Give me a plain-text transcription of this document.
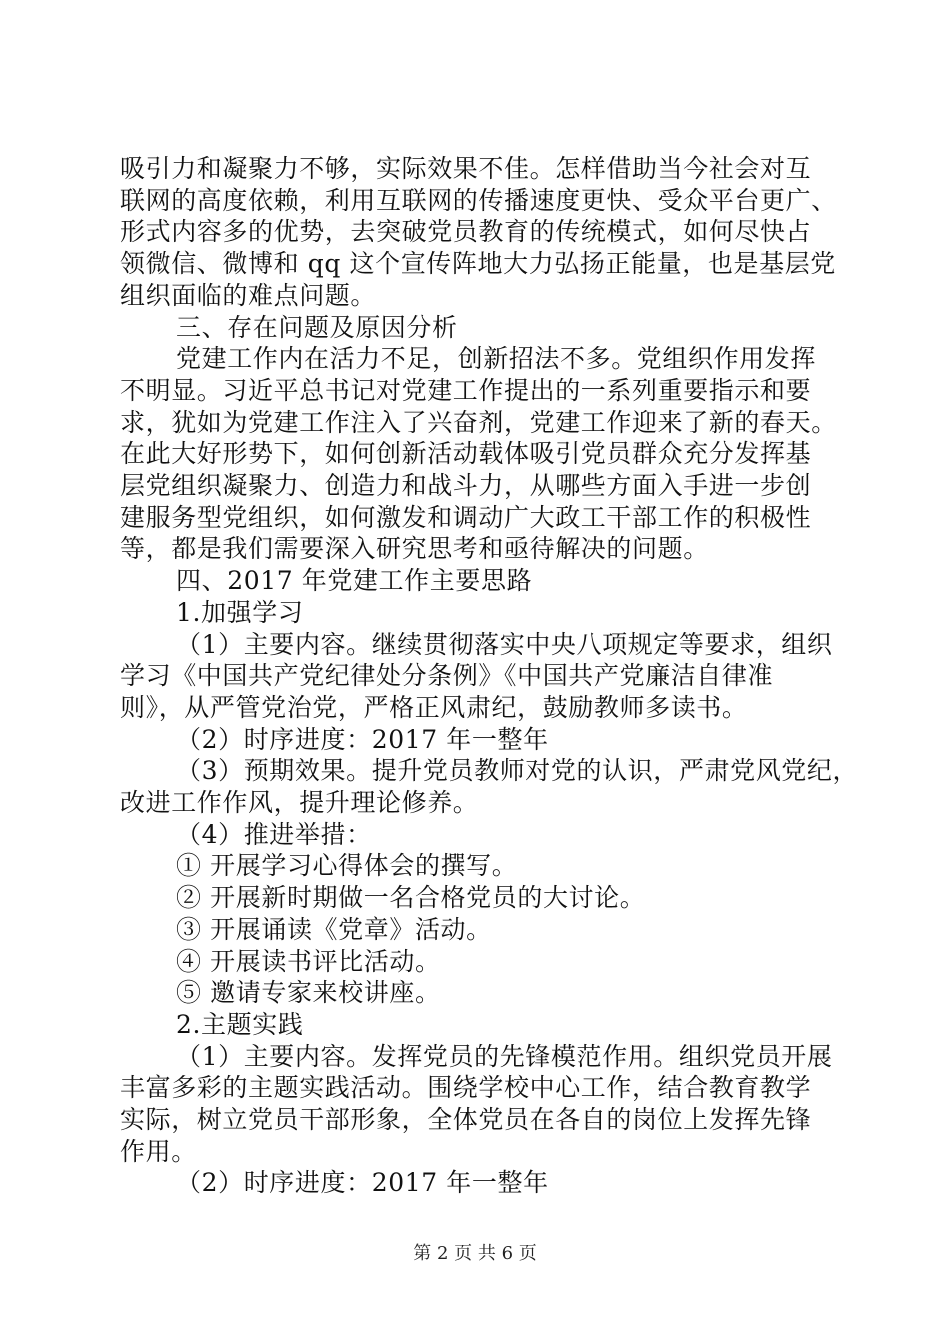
吸引力和凝聚力不够，实际效果不佳。怎样借助当今社会对互
联网的高度依赖，利用互联网的传播速度更快、受众平台更广、
形式内容多的优势，去突破党员教育的传统模式，如何尽快占
领微信、微博和 qq 这个宣传阵地大力弘扬正能量，也是基层党
组织面临的难点问题。
三、存在问题及原因分析
党建工作内在活力不足，创新招法不多。党组织作用发挥
不明显。习近平总书记对党建工作提出的一系列重要指示和要
求，犹如为党建工作注入了兴奋剂，党建工作迎来了新的春天。
在此大好形势下，如何创新活动载体吸引党员群众充分发挥基
层党组织凝聚力、创造力和战斗力，从哪些方面入手进一步创
建服务型党组织，如何激发和调动广大政工干部工作的积极性
等，都是我们需要深入研究思考和亟待解决的问题。
四、2017 年党建工作主要思路
1.加强学习
（1）主要内容。继续贯彻落实中央八项规定等要求，组织
学习《中国共产党纪律处分条例》《中国共产党廉洁自律准
则》，从严管党治党，严格正风肃纪，鼓励教师多读书。
（2）时序进度：2017 年一整年
（3）预期效果。提升党员教师对党的认识，严肃党风党纪，
改进工作作风，提升理论修养。
（4）推进举措：
① 开展学习心得体会的撰写。
② 开展新时期做一名合格党员的大讨论。
③ 开展诵读《党章》活动。
④ 开展读书评比活动。
⑤ 邀请专家来校讲座。
2.主题实践
（1）主要内容。发挥党员的先锋模范作用。组织党员开展
丰富多彩的主题实践活动。围绕学校中心工作，结合教育教学
实际，树立党员干部形象，全体党员在各自的岗位上发挥先锋
作用。
（2）时序进度：2017 年一整年
第 2 页 共 6 页
